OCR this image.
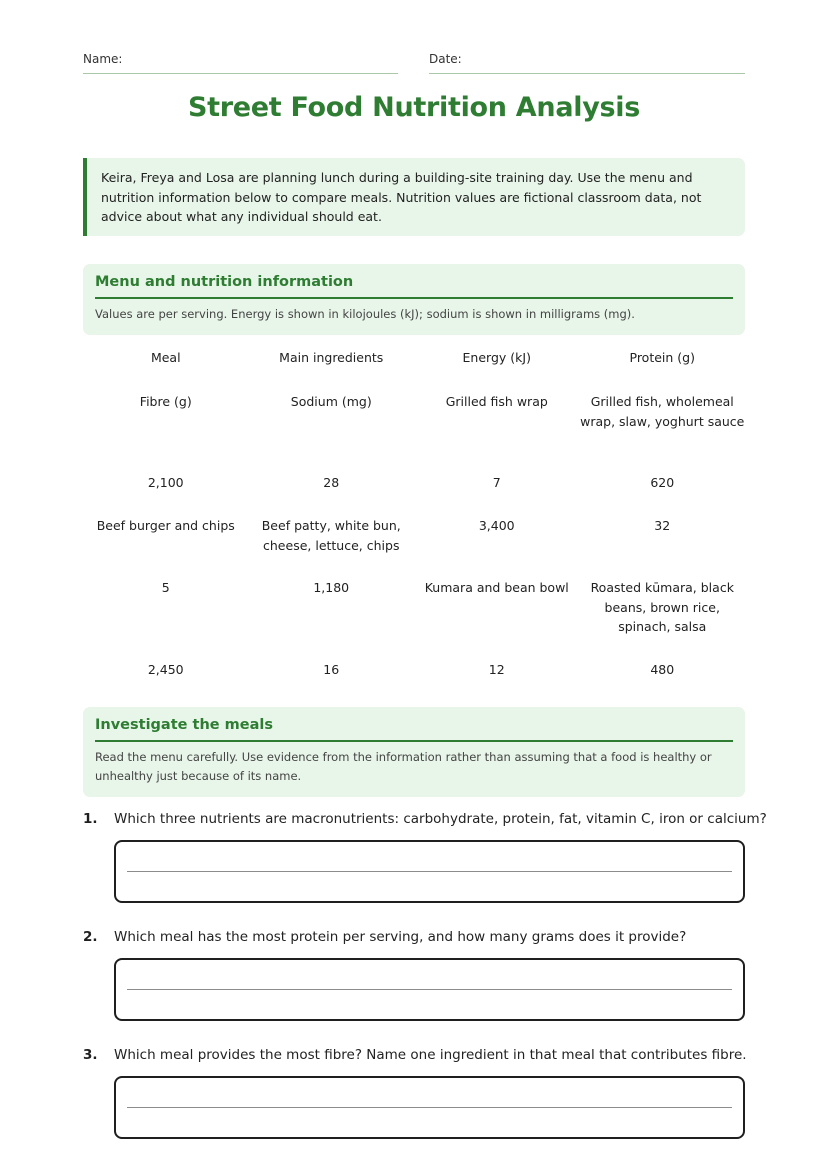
Name:	Date:
Street Food Nutrition Analysis
Keira, Freya and Losa are planning lunch during a building-site training day. Use the menu and nutrition information below to compare meals. Nutrition values are fictional classroom data, not advice about what any individual should eat.
Menu and nutrition information

Values are per serving. Energy is shown in kilojoules (kJ); sodium is shown in milligrams (mg).

Meal	Main ingredients	Energy (kJ)	Protein (g)
Fibre (g)	Sodium (mg)	Grilled fish wrap	Grilled fish, wholemeal wrap, slaw, yoghurt sauce
2,100	28	7	620
Beef burger and chips	Beef patty, white bun, cheese, lettuce, chips
3,400	32
5	1,180	Kumara and bean bowl	Roasted kūmara, black beans, brown rice, spinach, salsa
2,450	16	12	480
Investigate the meals

Read the menu carefully. Use evidence from the information rather than assuming that a food is healthy or unhealthy just because of its name.

1. Which three nutrients are macronutrients: carbohydrate, protein, fat, vitamin C, iron or calcium?
2. Which meal has the most protein per serving, and how many grams does it provide?
3. Which meal provides the most fibre? Name one ingredient in that meal that contributes fibre.
